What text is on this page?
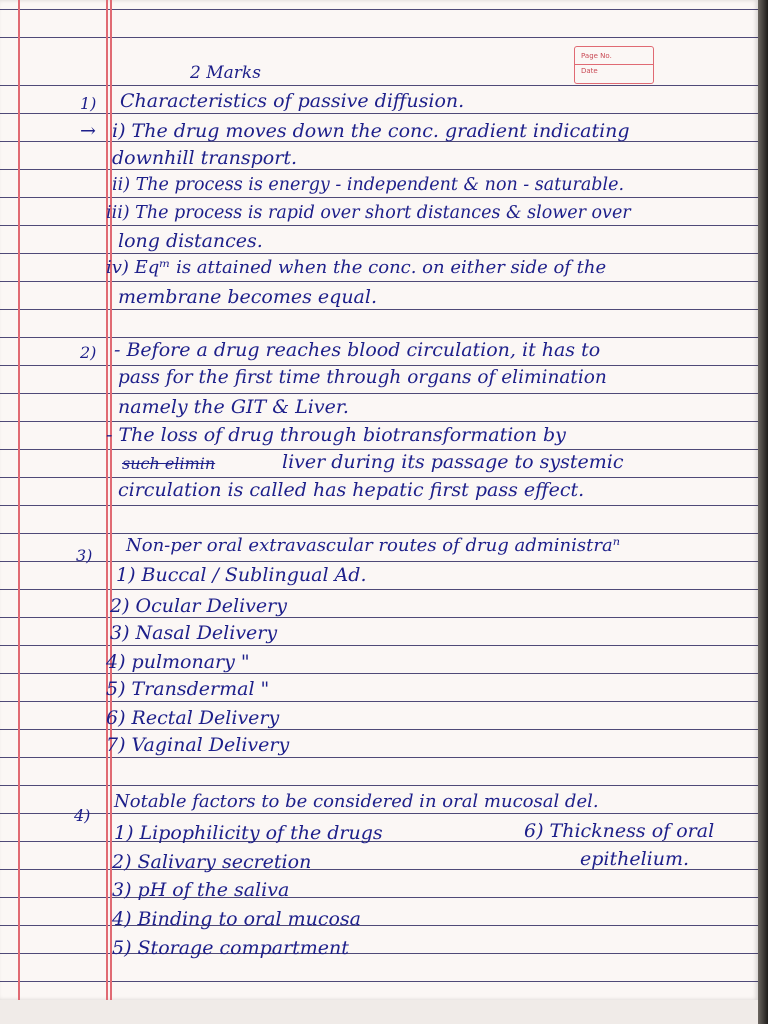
Page No.
Date
2 Marks
1) Characteristics of passive diffusion.
→ i) The drug moves down the conc. gradient indicating
downhill transport.
ii) The process is energy - independent & non - saturable.
iii) The process is rapid over short distances & slower over
long distances.
iv) Eqᵐ is attained when the conc. on either side of the
membrane becomes equal.
2) - Before a drug reaches blood circulation, it has to
pass for the first time through organs of elimination
namely the GIT & Liver.
- The loss of drug through biotransformation by
such elimin	liver during its passage to systemic
circulation is called has hepatic first pass effect.
3) Non-per oral extravascular routes of drug administraⁿ
1) Buccal / Sublingual Ad.
2) Ocular Delivery
3) Nasal Delivery
4) pulmonary "
5) Transdermal "
6) Rectal Delivery
7) Vaginal Delivery
4)
Notable factors to be considered in oral mucosal del.
1) Lipophilicity of the drugs
2) Salivary secretion
3) pH of the saliva
4) Binding to oral mucosa
5) Storage compartment
6) Thickness of oral
epithelium.
